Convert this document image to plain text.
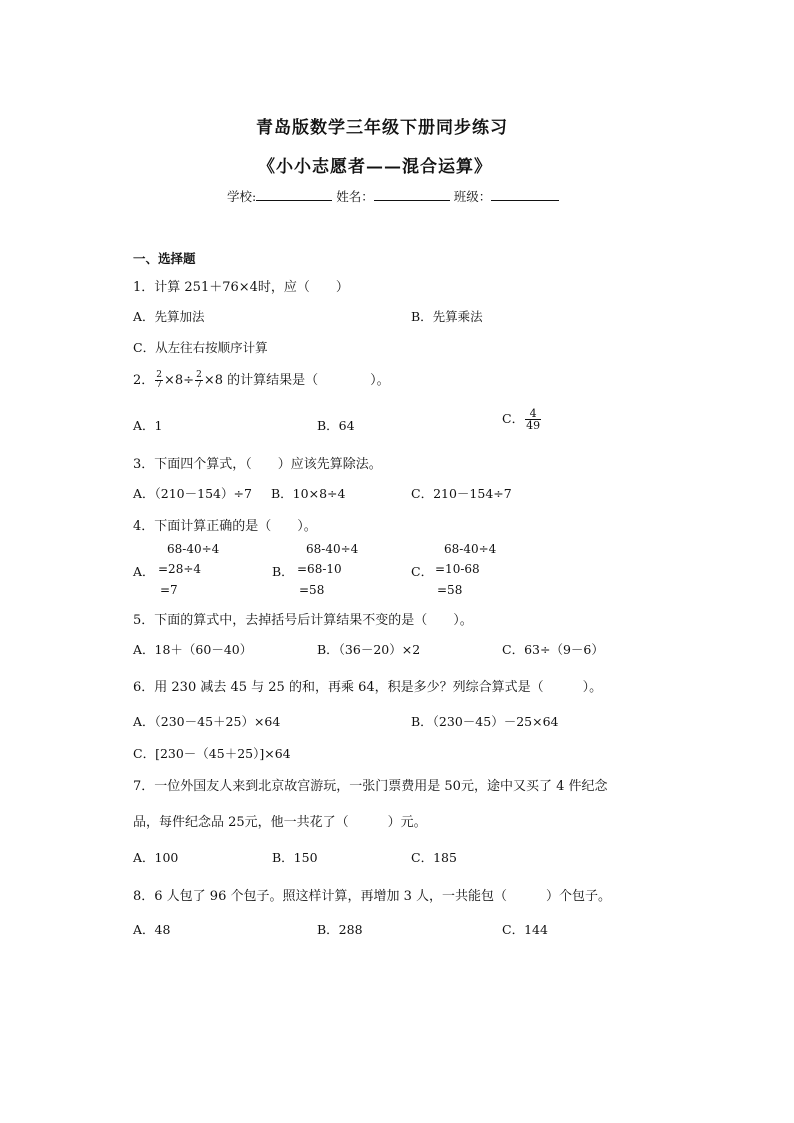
青岛版数学三年级下册同步练习
《小小志愿者——混合运算》
学校:	姓名：	班级：
一、选择题
1．计算 251＋76×4时，应（　　）
A．先算加法	B．先算乘法
C．从左往右按顺序计算
2． $\frac{2}{7} \times 8\div \frac{2}{7} \times 8$ 的计算结果是（　　　　）。
A．1	B．64	C． $\frac{4}{49}$
3．下面四个算式，（　　）应该先算除法。
A．（210－154）÷7 B．10×8÷4	C．210－154÷7
4．下面计算正确的是（　　）。
68-40÷4
A． =28÷4
=7
68-40÷4
B． =68-10
=58
68-40÷4
C． =10-68
=58
5．下面的算式中，去掉括号后计算结果不变的是（　　）。
A．18＋（60－40）	B．（36－20）×2	C．63÷（9－6）
6．用 230 减去 45 与 25 的和，再乘 64，积是多少？列综合算式是（　　　）。
A．（230－45＋25）×64	B．（230－45）－25×64
C．[230－（45＋25）]×64
7．一位外国友人来到北京故宫游玩，一张门票费用是 50元，途中又买了 4 件纪念
品，每件纪念品 25元，他一共花了（　　　）元。
A．100	B．150	C．185
8．6 人包了 96 个包子。照这样计算，再增加 3 人，一共能包（　　　）个包子。
A．48	B．288	C．144
